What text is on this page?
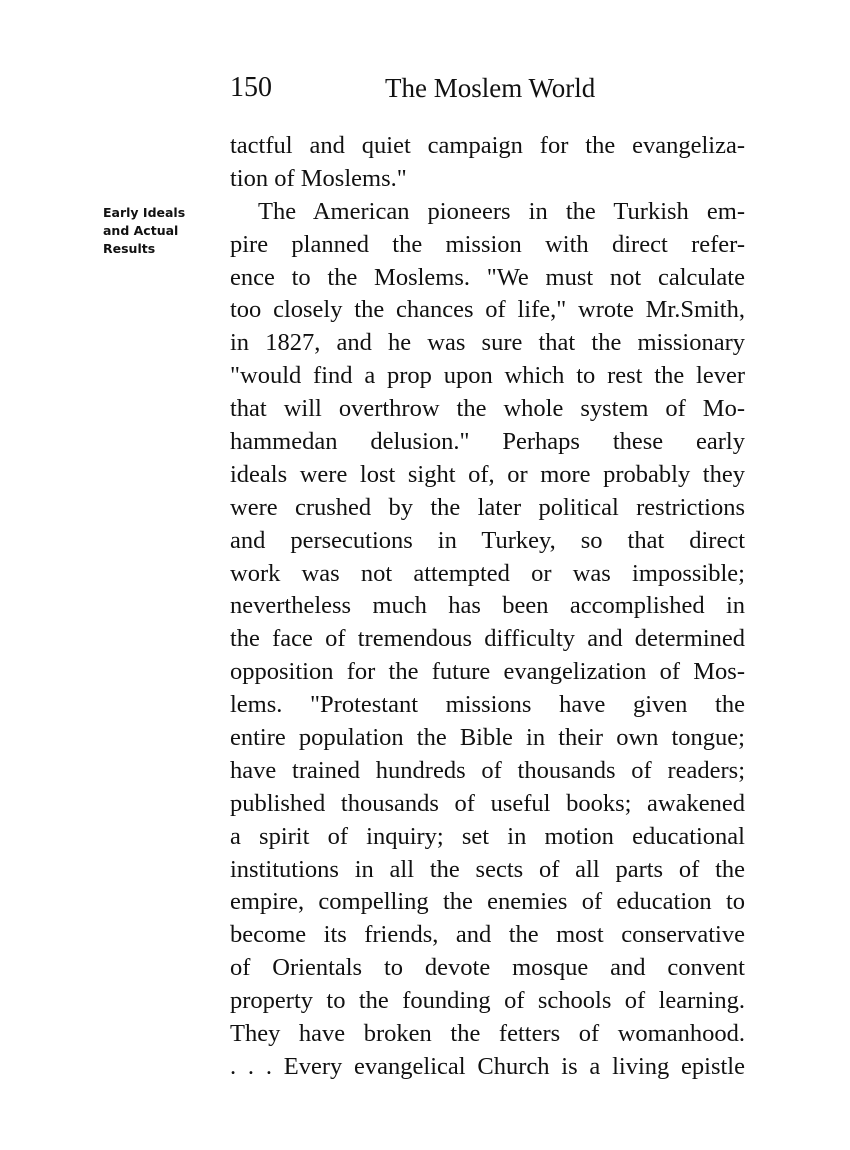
150	The Moslem World
Early Ideals
and Actual
Results
tactful and quiet campaign for the evangeliza-
tion of Moslems."
The American pioneers in the Turkish em-
pire planned the mission with direct refer-
ence to the Moslems. "We must not calculate
too closely the chances of life," wrote Mr.Smith,
in 1827, and he was sure that the missionary
"would find a prop upon which to rest the lever
that will overthrow the whole system of Mo-
hammedan delusion." Perhaps these early
ideals were lost sight of, or more probably they
were crushed by the later political restrictions
and persecutions in Turkey, so that direct
work was not attempted or was impossible;
nevertheless much has been accomplished in
the face of tremendous difficulty and determined
opposition for the future evangelization of Mos-
lems. "Protestant missions have given the
entire population the Bible in their own tongue;
have trained hundreds of thousands of readers;
published thousands of useful books; awakened
a spirit of inquiry; set in motion educational
institutions in all the sects of all parts of the
empire, compelling the enemies of education to
become its friends, and the most conservative
of Orientals to devote mosque and convent
property to the founding of schools of learning.
They have broken the fetters of womanhood.
. . . Every evangelical Church is a living epistle
